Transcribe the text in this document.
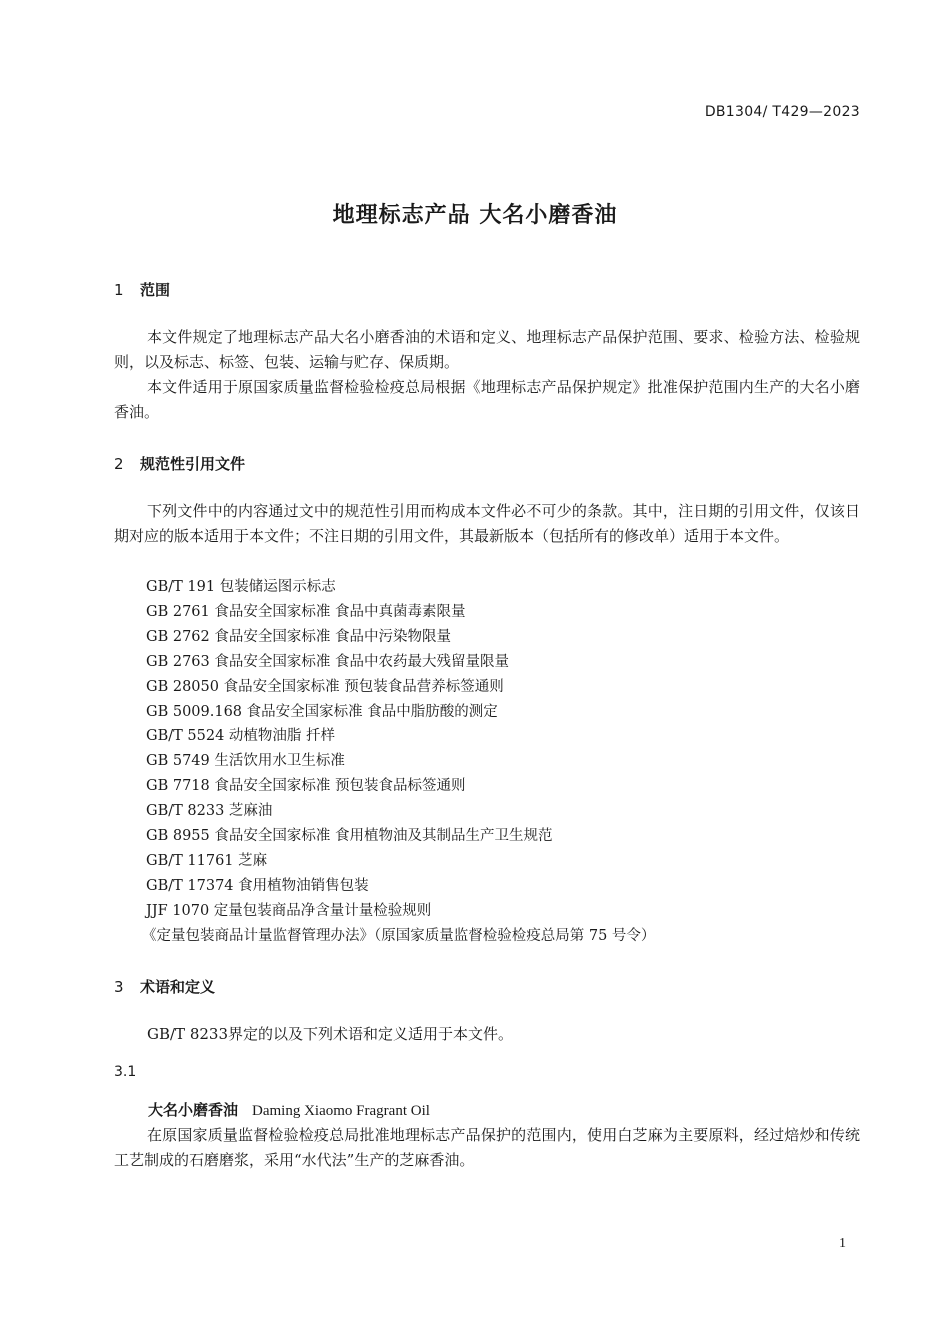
DB1304/ T429—2023
地理标志产品 大名小磨香油
1 范围

本文件规定了地理标志产品大名小磨香油的术语和定义、地理标志产品保护范围、要求、检验方法、检验规则，以及标志、标签、包装、运输与贮存、保质期。

本文件适用于原国家质量监督检验检疫总局根据《地理标志产品保护规定》批准保护范围内生产的大名小磨香油。

2 规范性引用文件

下列文件中的内容通过文中的规范性引用而构成本文件必不可少的条款。其中，注日期的引用文件，仅该日期对应的版本适用于本文件；不注日期的引用文件，其最新版本（包括所有的修改单）适用于本文件。

GB/T 191 包装储运图示标志
GB 2761 食品安全国家标准 食品中真菌毒素限量
GB 2762 食品安全国家标准 食品中污染物限量
GB 2763 食品安全国家标准 食品中农药最大残留量限量
GB 28050 食品安全国家标准 预包装食品营养标签通则
GB 5009.168 食品安全国家标准 食品中脂肪酸的测定
GB/T 5524 动植物油脂 扦样
GB 5749 生活饮用水卫生标准
GB 7718 食品安全国家标准 预包装食品标签通则
GB/T 8233 芝麻油
GB 8955 食品安全国家标准 食用植物油及其制品生产卫生规范
GB/T 11761 芝麻
GB/T 17374 食用植物油销售包装
JJF 1070 定量包装商品净含量计量检验规则
《定量包装商品计量监督管理办法》（原国家质量监督检验检疫总局第 75 号令）
3 术语和定义

GB/T 8233界定的以及下列术语和定义适用于本文件。

3.1
大名小磨香油 Daming Xiaomo Fragrant Oil

在原国家质量监督检验检疫总局批准地理标志产品保护的范围内，使用白芝麻为主要原料，经过焙炒和传统工艺制成的石磨磨浆，采用“水代法”生产的芝麻香油。

1
